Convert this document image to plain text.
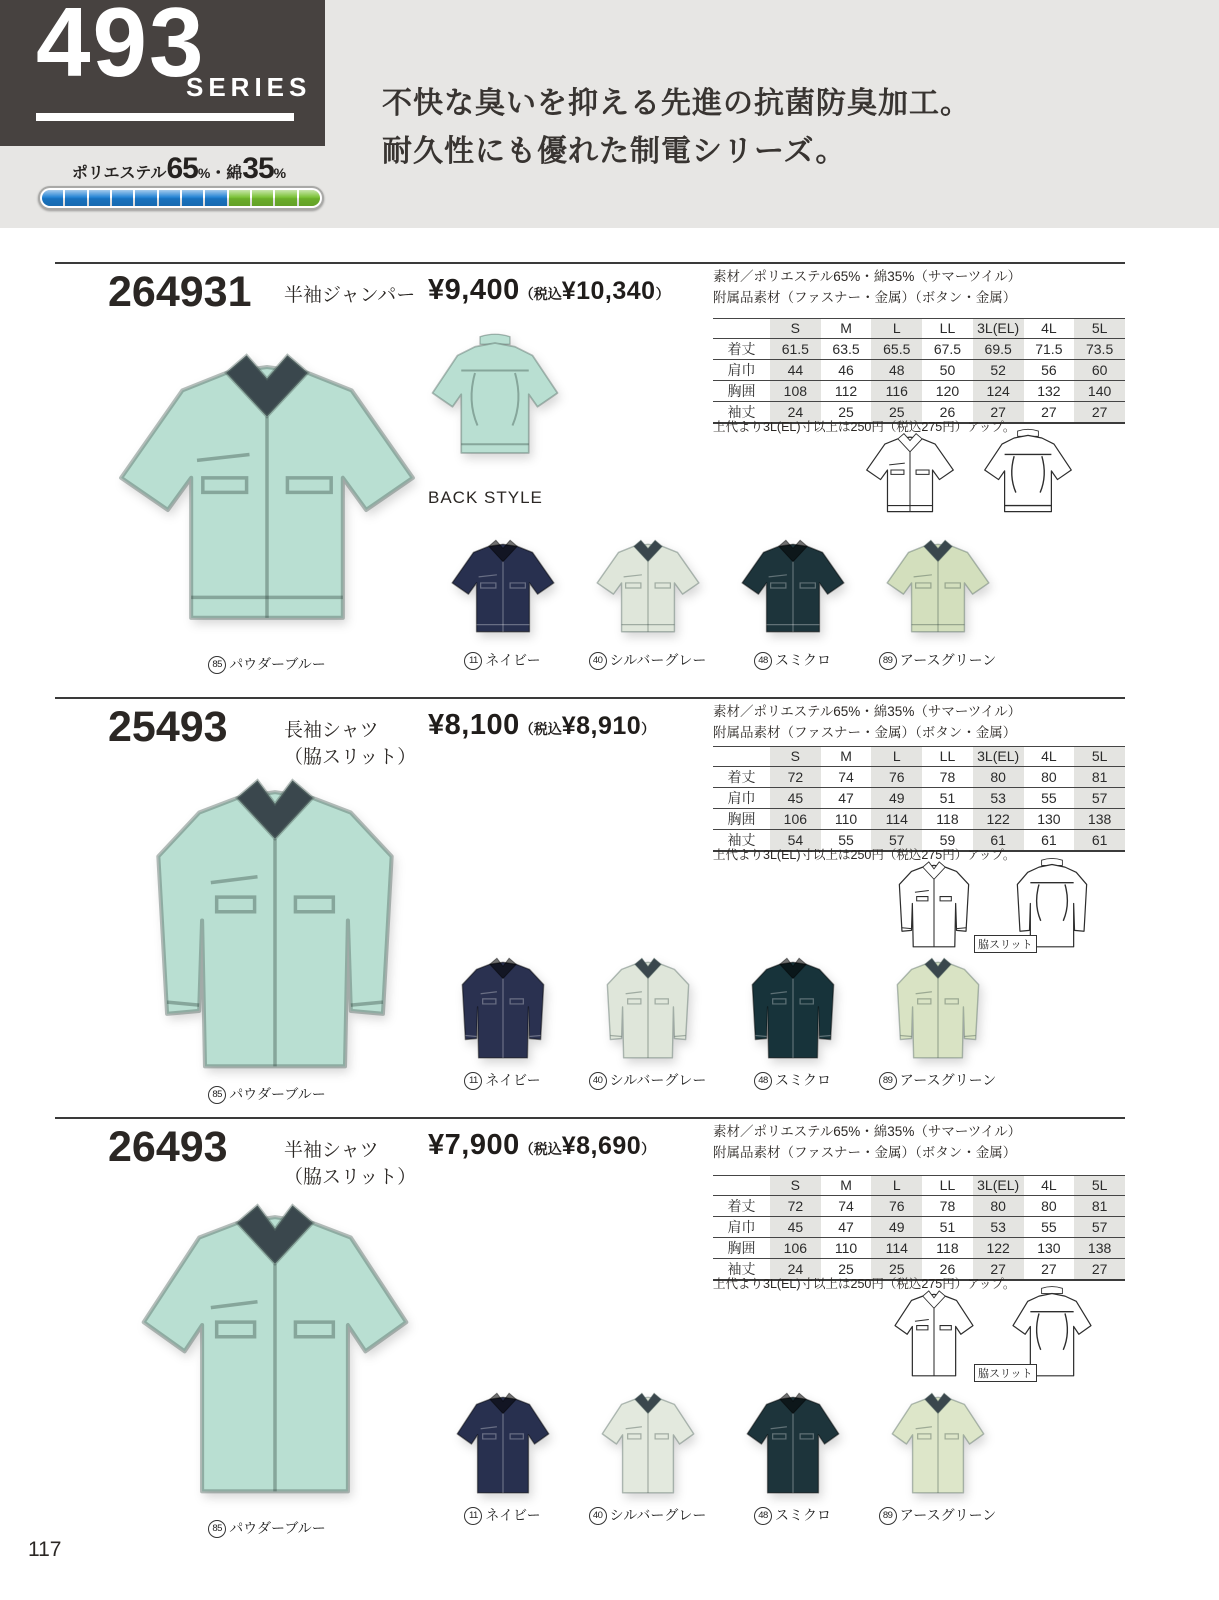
493
SERIES
ポリエステル 65 % ・綿 35 %
不快な臭いを抑える先進の抗菌防臭加工。
耐久性にも優れた制電シリーズ。
264931 半袖ジャンパー ¥9,400 （税込 ¥10,340 ）
素材／ポリエステル65%・綿35%（サマーツイル）
附属品素材（ファスナー・金属）（ボタン・金属）
	S	M	L	LL	3L(EL)	4L	5L
着丈	61.5	63.5	65.5	67.5	69.5	71.5	73.5
肩巾	44	46	48	50	52	56	60
胸囲	108	112	116	120	124	132	140
袖丈	24	25	25	26	27	27	27
上代より3L(EL)寸以上は250円（税込275円）アップ。
BACK STYLE
85 パウダーブルー	11 ネイビー	40 シルバーグレー	48 スミクロ	89 アースグリーン
25493	長袖シャツ
（脇スリット）
¥8,100 （税込 ¥8,910 ）
素材／ポリエステル65%・綿35%（サマーツイル）
附属品素材（ファスナー・金属）（ボタン・金属）
	S	M	L	LL	3L(EL)	4L	5L
着丈	72	74	76	78	80	80	81
肩巾	45	47	49	51	53	55	57
胸囲	106	110	114	118	122	130	138
袖丈	54	55	57	59	61	61	61
上代より3L(EL)寸以上は250円（税込275円）アップ。
脇スリット
85 パウダーブルー
11 ネイビー	40 シルバーグレー	48 スミクロ	89 アースグリーン
26493	半袖シャツ
（脇スリット）
¥7,900 （税込 ¥8,690 ）
素材／ポリエステル65%・綿35%（サマーツイル）
附属品素材（ファスナー・金属）（ボタン・金属）
	S	M	L	LL	3L(EL)	4L	5L
着丈	72	74	76	78	80	80	81
肩巾	45	47	49	51	53	55	57
胸囲	106	110	114	118	122	130	138
袖丈	24	25	25	26	27	27	27
上代より3L(EL)寸以上は250円（税込275円）アップ。
脇スリット
85 パウダーブルー
11 ネイビー	40 シルバーグレー	48 スミクロ	89 アースグリーン
117
